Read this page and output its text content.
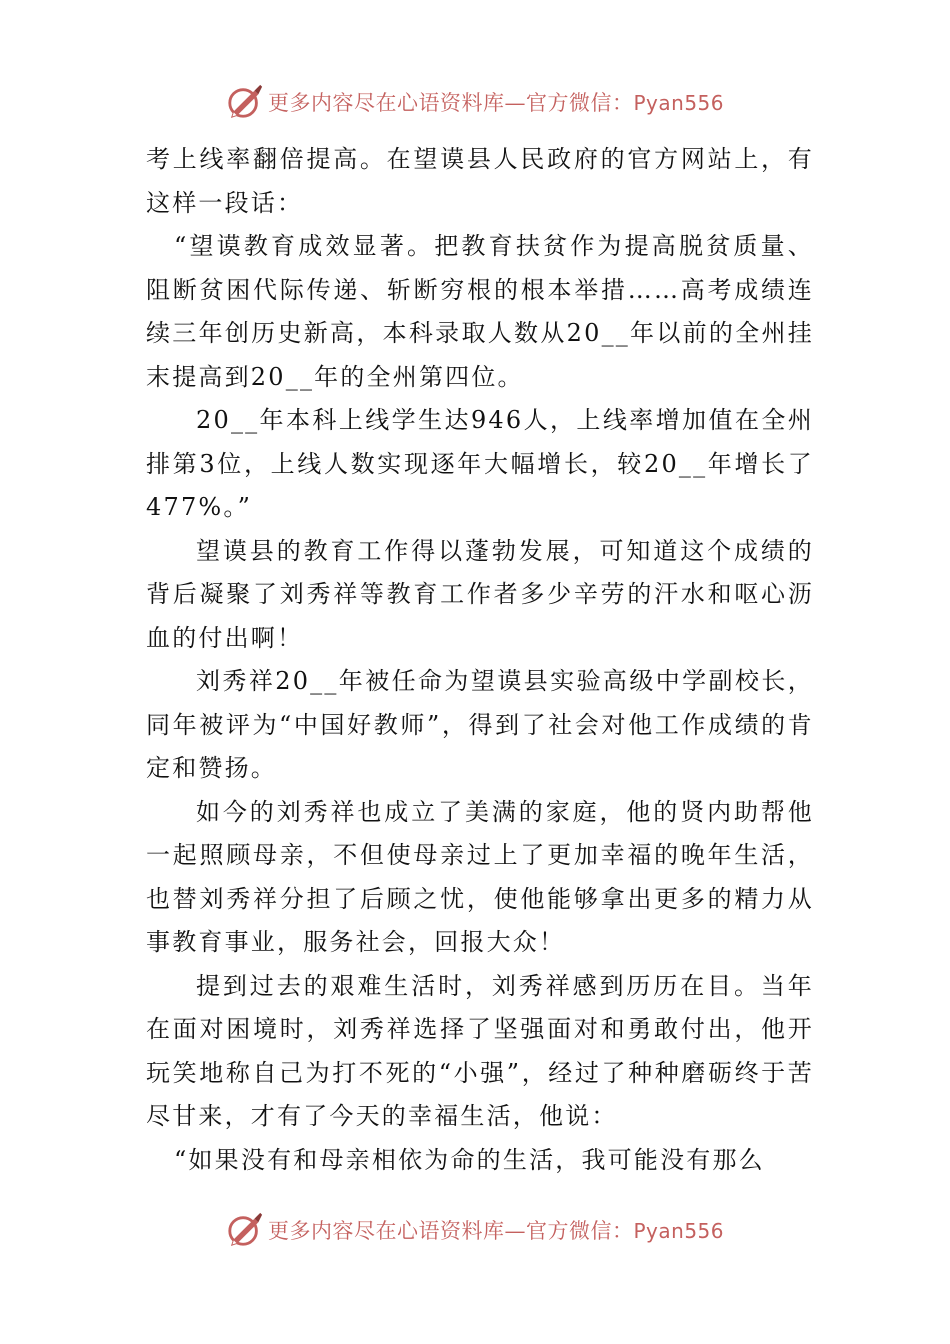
更多内容尽在心语资料库—官方微信：Pyan556

考上线率翻倍提高。在望谟县人民政府的官方网站上，有这样一段话：

“望谟教育成效显著。把教育扶贫作为提高脱贫质量、阻断贫困代际传递、斩断穷根的根本举措……高考成绩连续三年创历史新高，本科录取人数从20__年以前的全州挂末提高到20__年的全州第四位。

20__年本科上线学生达946人，上线率增加值在全州排第3位，上线人数实现逐年大幅增长，较20__年增长了477%。”

望谟县的教育工作得以蓬勃发展，可知道这个成绩的背后凝聚了刘秀祥等教育工作者多少辛劳的汗水和呕心沥血的付出啊！

刘秀祥20__年被任命为望谟县实验高级中学副校长，同年被评为“中国好教师”，得到了社会对他工作成绩的肯定和赞扬。

如今的刘秀祥也成立了美满的家庭，他的贤内助帮他一起照顾母亲，不但使母亲过上了更加幸福的晚年生活，也替刘秀祥分担了后顾之忧，使他能够拿出更多的精力从事教育事业，服务社会，回报大众！

提到过去的艰难生活时，刘秀祥感到历历在目。当年在面对困境时，刘秀祥选择了坚强面对和勇敢付出，他开玩笑地称自己为打不死的“小强”，经过了种种磨砺终于苦尽甘来，才有了今天的幸福生活，他说：

“如果没有和母亲相依为命的生活，我可能没有那么

更多内容尽在心语资料库—官方微信：Pyan556
